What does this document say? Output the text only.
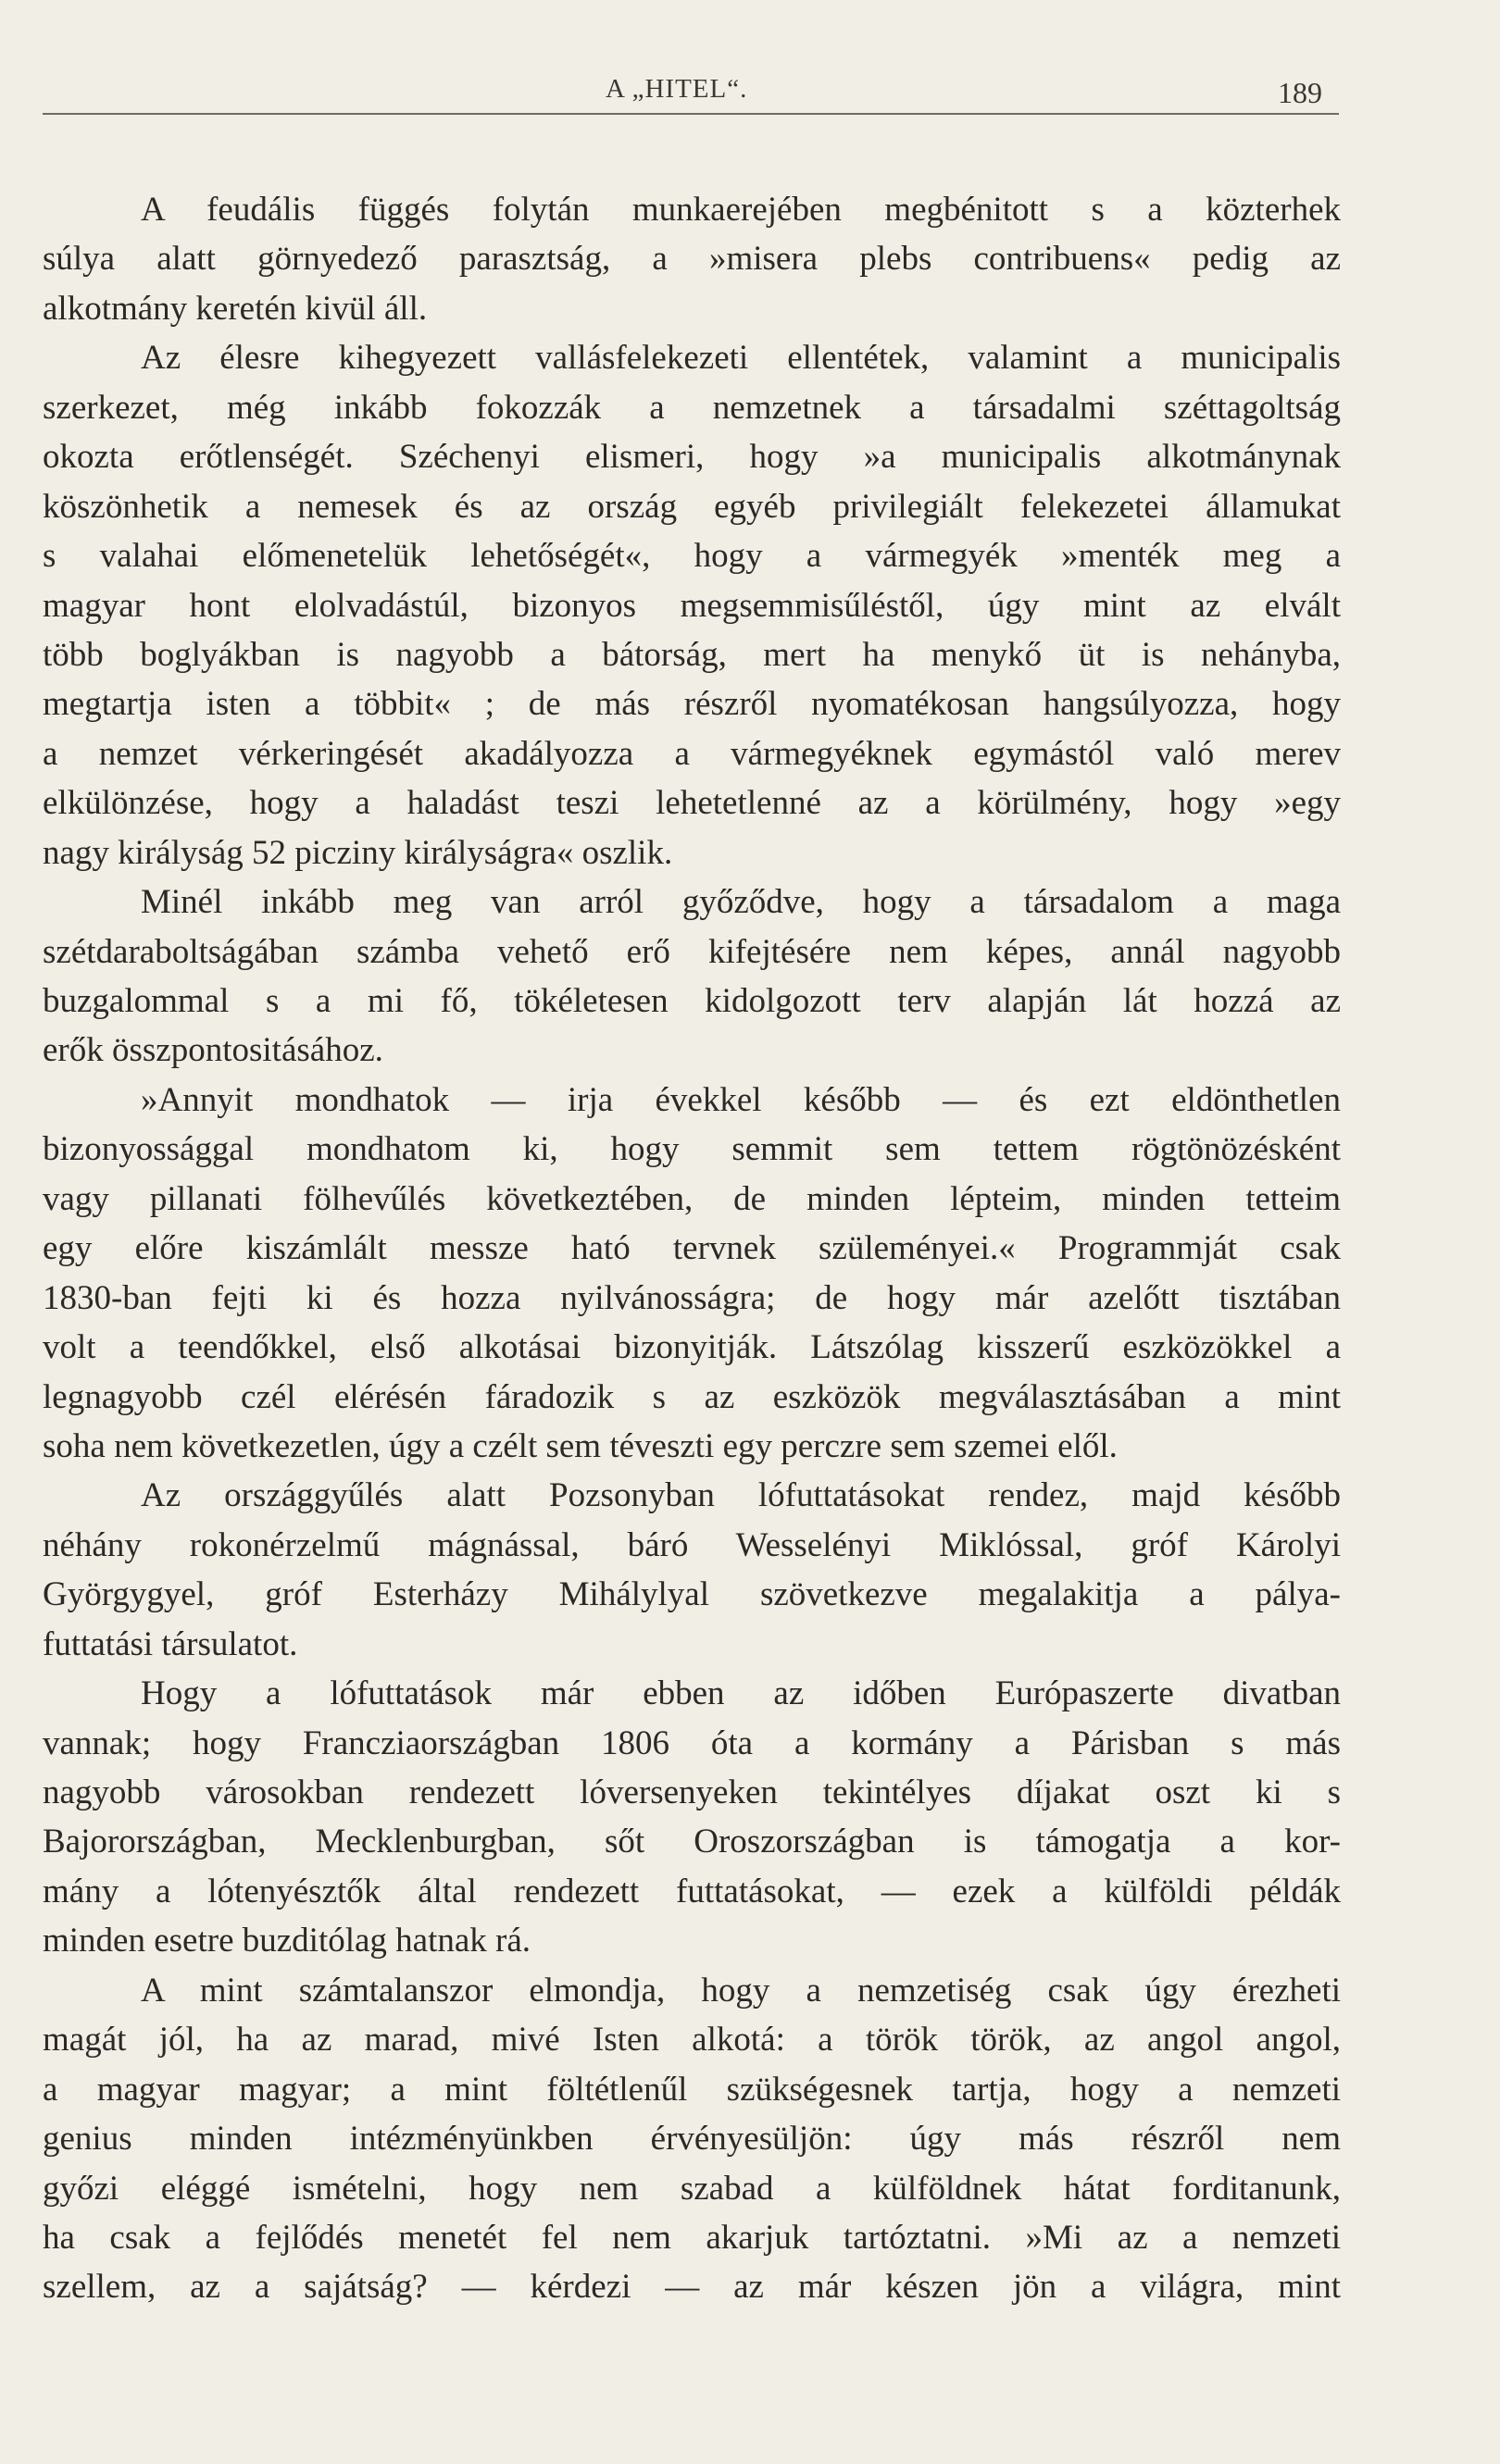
A „HITEL“.	189
A feudális függés folytán munkaerejében megbénitott s a közterhek
súlya alatt görnyedező parasztság, a »misera plebs contribuens« pedig az
alkotmány keretén kivül áll.
Az élesre kihegyezett vallásfelekezeti ellentétek, valamint a municipalis
szerkezet, még inkább fokozzák a nemzetnek a társadalmi széttagoltság
okozta erőtlenségét. Széchenyi elismeri, hogy »a municipalis alkotmánynak
köszönhetik a nemesek és az ország egyéb privilegiált felekezetei államukat
s valahai előmenetelük lehetőségét«, hogy a vármegyék »menték meg a
magyar hont elolvadástúl, bizonyos megsemmisűléstől, úgy mint az elvált
több boglyákban is nagyobb a bátorság, mert ha menykő üt is nehányba,
megtartja isten a többit« ; de más részről nyomatékosan hangsúlyozza, hogy
a nemzet vérkeringését akadályozza a vármegyéknek egymástól való merev
elkülönzése, hogy a haladást teszi lehetetlenné az a körülmény, hogy »egy
nagy királyság 52 picziny királyságra« oszlik.
Minél inkább meg van arról győződve, hogy a társadalom a maga
szétdaraboltságában számba vehető erő kifejtésére nem képes, annál nagyobb
buzgalommal s a mi fő, tökéletesen kidolgozott terv alapján lát hozzá az
erők összpontositásához.
»Annyit mondhatok — irja évekkel később — és ezt eldönthetlen
bizonyossággal mondhatom ki, hogy semmit sem tettem rögtönözésként
vagy pillanati fölhevűlés következtében, de minden lépteim, minden tetteim
egy előre kiszámlált messze ható tervnek szüleményei.« Programmját csak
1830-ban fejti ki és hozza nyilvánosságra; de hogy már azelőtt tisztában
volt a teendőkkel, első alkotásai bizonyitják. Látszólag kisszerű eszközökkel a
legnagyobb czél elérésén fáradozik s az eszközök megválasztásában a mint
soha nem következetlen, úgy a czélt sem téveszti egy perczre sem szemei elől.
Az országgyűlés alatt Pozsonyban lófuttatásokat rendez, majd később
néhány rokonérzelmű mágnással, báró Wesselényi Miklóssal, gróf Károlyi
Györgygyel, gróf Esterházy Mihálylyal szövetkezve megalakitja a pálya-
futtatási társulatot.
Hogy a lófuttatások már ebben az időben Európaszerte divatban
vannak; hogy Francziaországban 1806 óta a kormány a Párisban s más
nagyobb városokban rendezett lóversenyeken tekintélyes díjakat oszt ki s
Bajorországban, Mecklenburgban, sőt Oroszországban is támogatja a kor-
mány a lótenyésztők által rendezett futtatásokat, — ezek a külföldi példák
minden esetre buzditólag hatnak rá.
A mint számtalanszor elmondja, hogy a nemzetiség csak úgy érezheti
magát jól, ha az marad, mivé Isten alkotá: a török török, az angol angol,
a magyar magyar; a mint föltétlenűl szükségesnek tartja, hogy a nemzeti
genius minden intézményünkben érvényesüljön: úgy más részről nem
győzi eléggé ismételni, hogy nem szabad a külföldnek hátat forditanunk,
ha csak a fejlődés menetét fel nem akarjuk tartóztatni. »Mi az a nemzeti
szellem, az a sajátság? — kérdezi — az már készen jön a világra, mint
